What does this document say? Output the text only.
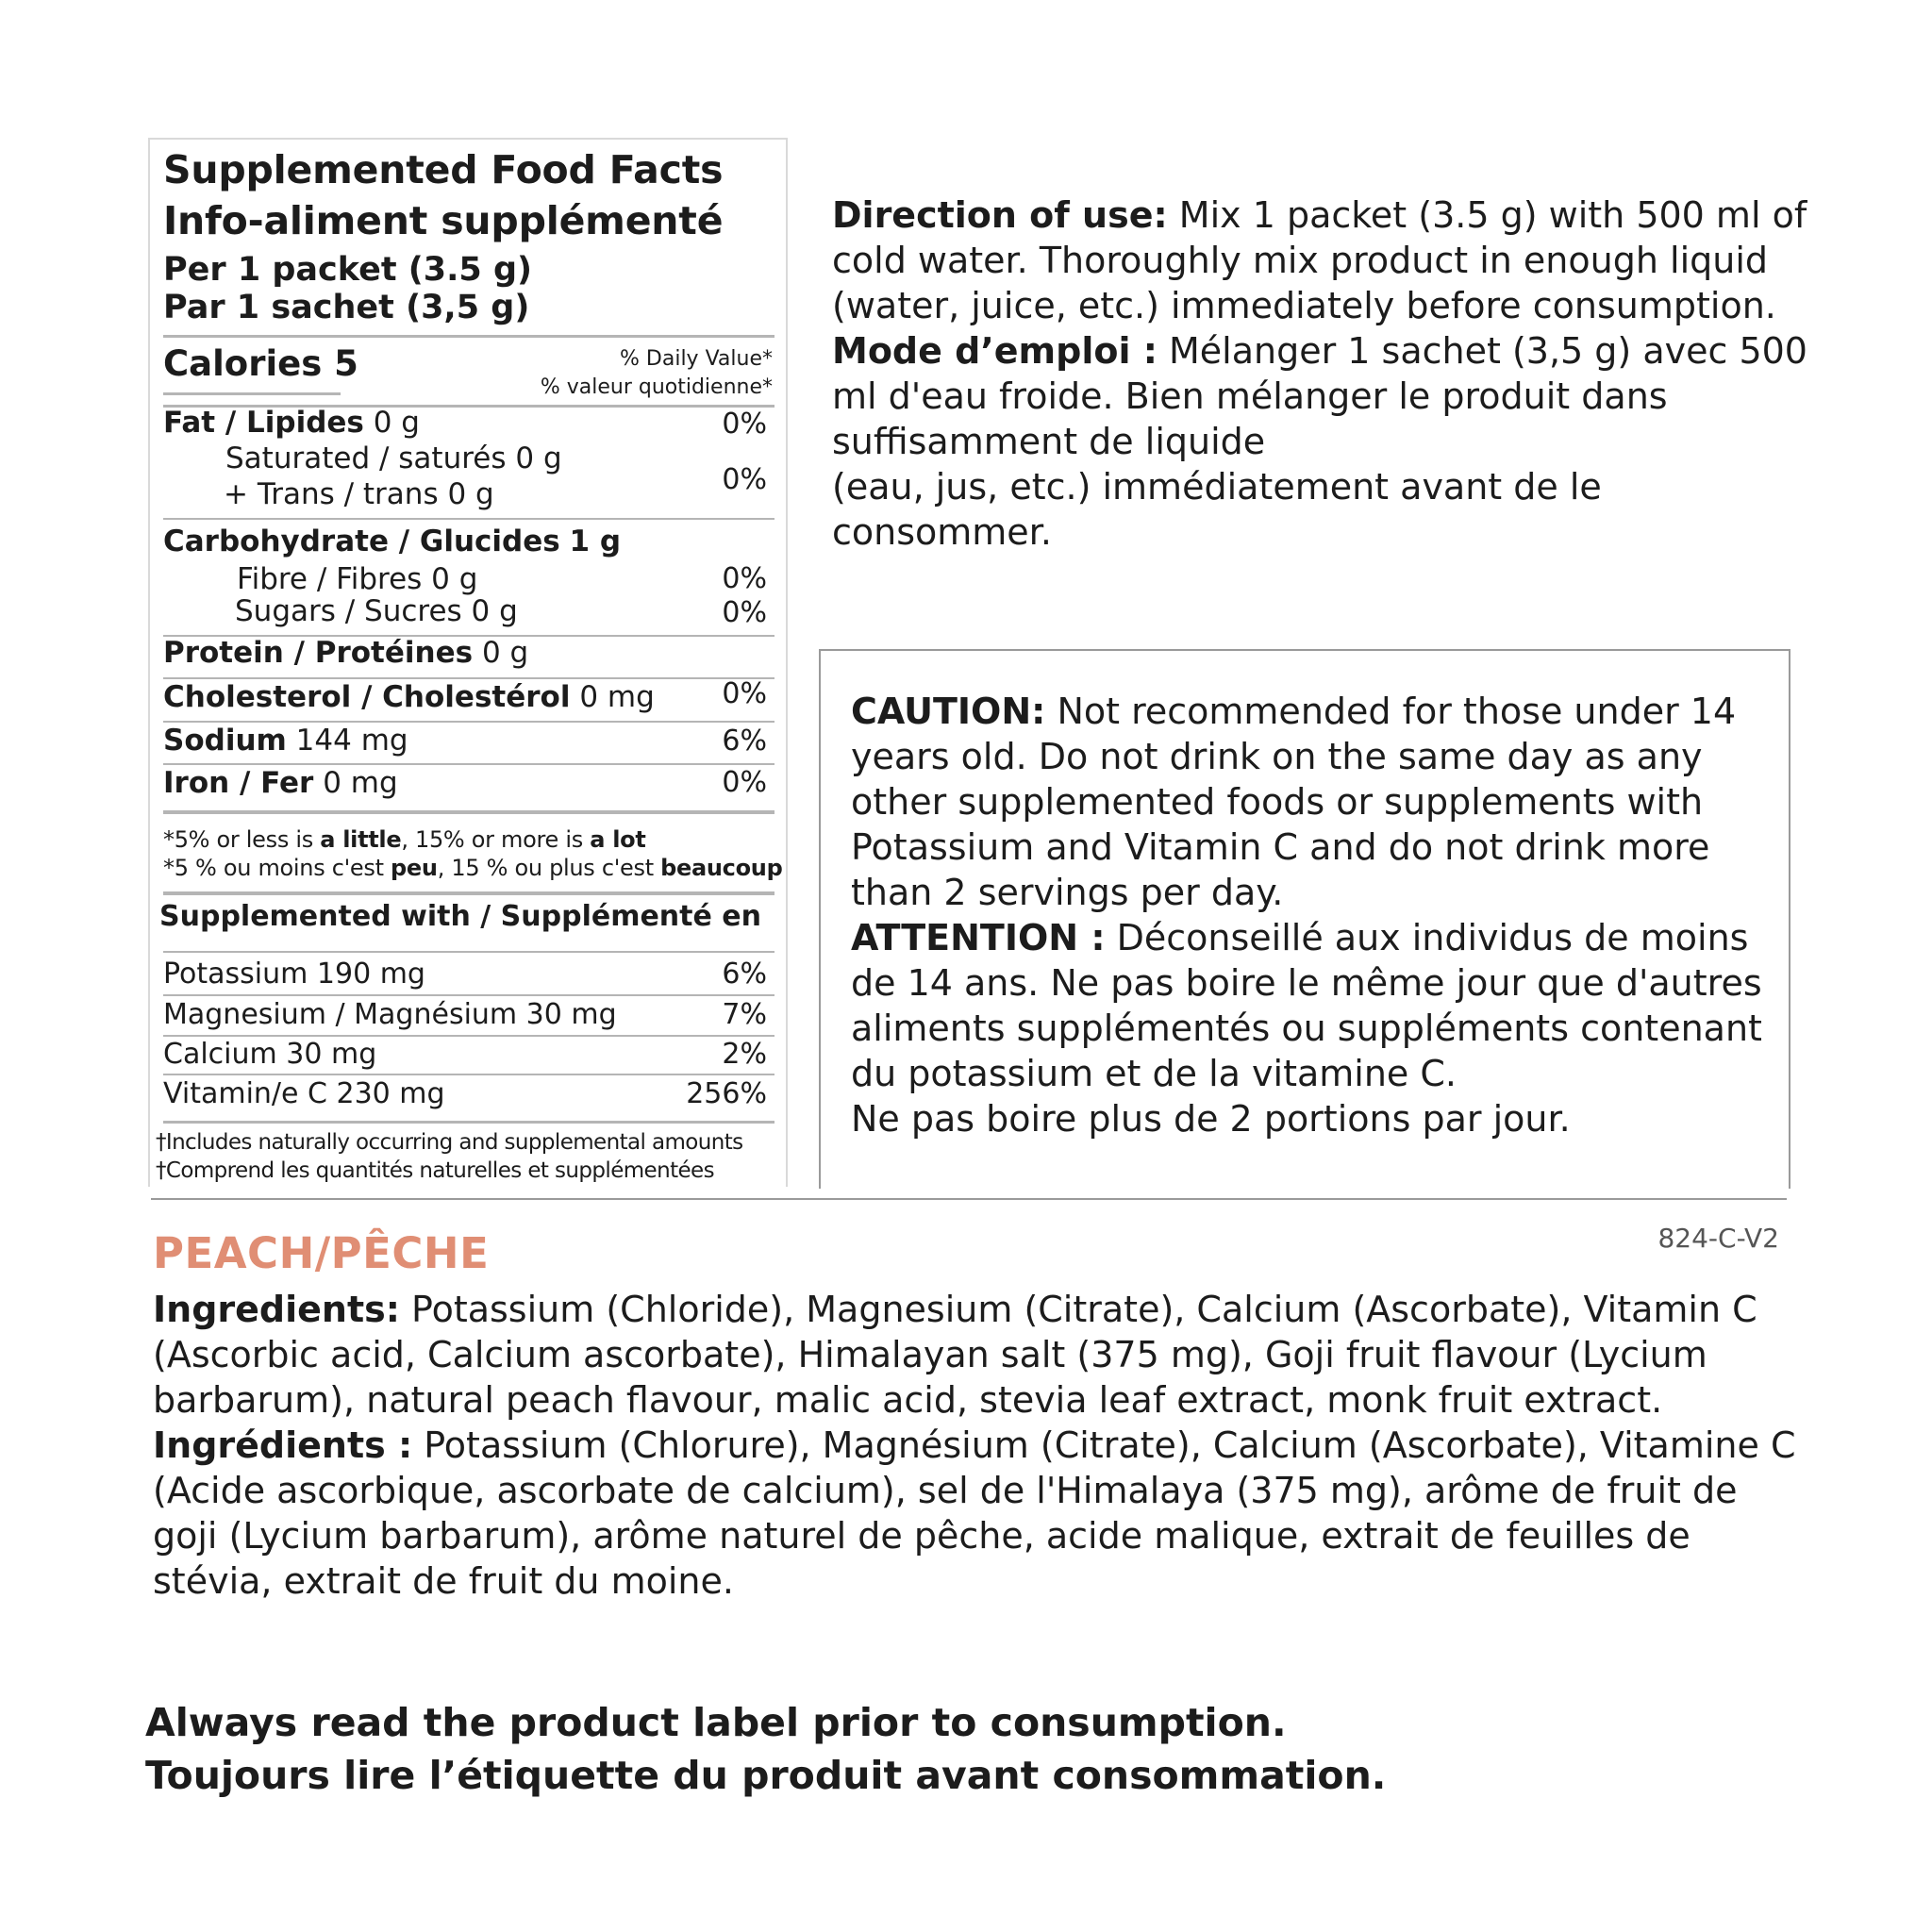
Supplemented Food Facts
Info-aliment supplémenté
Per 1 packet (3.5 g)
Par 1 sachet (3,5 g)
Calories 5	% Daily Value*
% valeur quotidienne*
Fat / Lipides 0 g	0%
Saturated / saturés 0 g
+ Trans / trans 0 g	0%
Carbohydrate / Glucides 1 g
Fibre / Fibres 0 g	0%
Sugars / Sucres 0 g	0%
Protein / Protéines 0 g
Cholesterol / Cholestérol 0 mg 0%
Sodium 144 mg	6%
Iron / Fer 0 mg	0%
*5% or less is a little, 15% or more is a lot
*5 % ou moins c'est peu, 15 % ou plus c'est beaucoup
Supplemented with / Supplémenté en
Potassium 190 mg	6%
Magnesium / Magnésium 30 mg	7%
Calcium 30 mg	2%
Vitamin/e C 230 mg	256%
†Includes naturally occurring and supplemental amounts
†Comprend les quantités naturelles et supplémentées

Direction of use: Mix 1 packet (3.5 g) with 500 ml of cold water. Thoroughly mix product in enough liquid (water, juice, etc.) immediately before consumption.

Mode d’emploi : Mélanger 1 sachet (3,5 g) avec 500 ml d'eau froide. Bien mélanger le produit dans suffisamment de liquide

(eau, jus, etc.) immédiatement avant de le consommer.

CAUTION: Not recommended for those under 14 years old. Do not drink on the same day as any other supplemented foods or supplements with Potassium and Vitamin C and do not drink more than 2 servings per day.

ATTENTION : Déconseillé aux individus de moins de 14 ans. Ne pas boire le même jour que d'autres aliments supplémentés ou suppléments contenant du potassium et de la vitamine C.

Ne pas boire plus de 2 portions par jour.

PEACH/PÊCHE	824-C-V2

Ingredients: Potassium (Chloride), Magnesium (Citrate), Calcium (Ascorbate), Vitamin C (Ascorbic acid, Calcium ascorbate), Himalayan salt (375 mg), Goji fruit flavour (Lycium barbarum), natural peach flavour, malic acid, stevia leaf extract, monk fruit extract.

Ingrédients : Potassium (Chlorure), Magnésium (Citrate), Calcium (Ascorbate), Vitamine C (Acide ascorbique, ascorbate de calcium), sel de l'Himalaya (375 mg), arôme de fruit de goji (Lycium barbarum), arôme naturel de pêche, acide malique, extrait de feuilles de stévia, extrait de fruit du moine.

Always read the product label prior to consumption.
Toujours lire l’étiquette du produit avant consommation.
